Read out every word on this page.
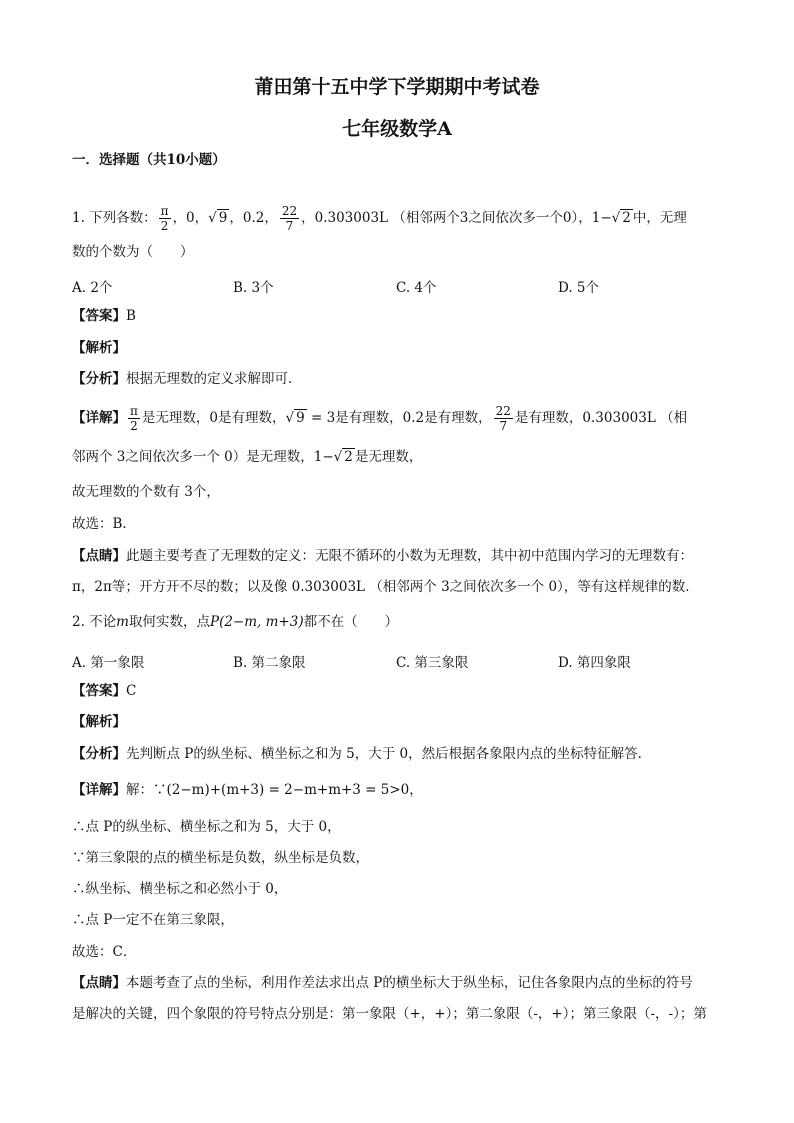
莆田第十五中学下学期期中考试卷
七年级数学A
一．选择题（共10小题）
1. 下列各数： $\frac{\pi}{2}$ ，0，√ 9 ，0.2， $\frac{22}{7}$ ，0.303003L （相邻两个3之间依次多一个0），1−√ 2 中，无理
数的个数为（　　）
A. 2个	B. 3个	C. 4个	D. 5个
【答案】B
【解析】
【分析】根据无理数的定义求解即可．
【详解】 $\frac{\pi}{2}$ 是无理数，0是有理数，√ 9 = 3是有理数，0.2是有理数， $\frac{22}{7}$ 是有理数，0.303003L （相
邻两个 3之间依次多一个 0）是无理数，1−√ 2 是无理数，
故无理数的个数有 3个，
故选：B．
【点睛】此题主要考查了无理数的定义：无限不循环的小数为无理数，其中初中范围内学习的无理数有：
π，2π等；开方开不尽的数；以及像 0.303003L （相邻两个 3之间依次多一个 0），等有这样规律的数．
2. 不论m取何实数，点P(2−m, m+3)都不在（　　）
A. 第一象限	B. 第二象限	C. 第三象限	D. 第四象限
【答案】C
【解析】
【分析】先判断点 P的纵坐标、横坐标之和为 5，大于 0，然后根据各象限内点的坐标特征解答．
【详解】解：∵(2−m)+(m+3) = 2−m+m+3 = 5>0，
∴点 P的纵坐标、横坐标之和为 5，大于 0，
∵第三象限的点的横坐标是负数，纵坐标是负数，
∴纵坐标、横坐标之和必然小于 0，
∴点 P一定不在第三象限，
故选：C．
【点睛】本题考查了点的坐标，利用作差法求出点 P的横坐标大于纵坐标，记住各象限内点的坐标的符号
是解决的关键，四个象限的符号特点分别是：第一象限（+，+）；第二象限（-，+）；第三象限（-，-）；第
